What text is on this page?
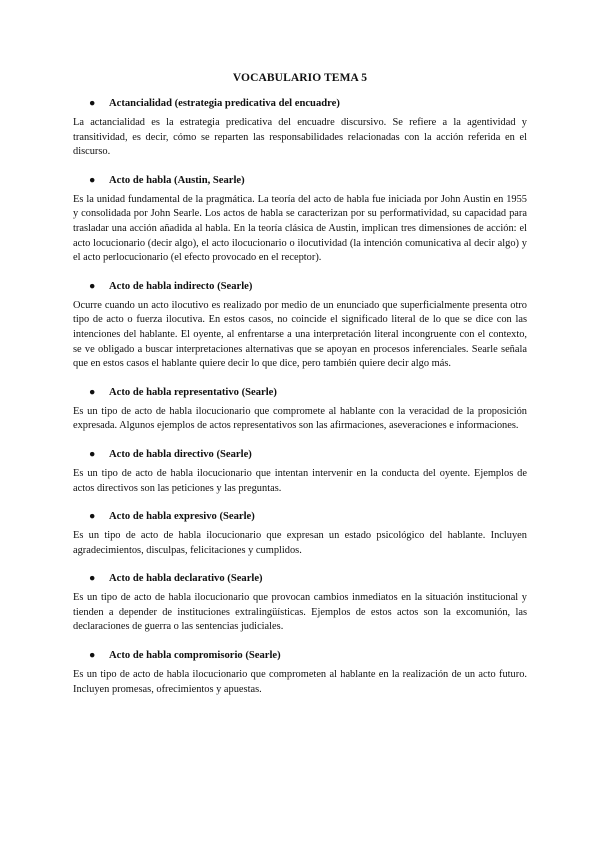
VOCABULARIO TEMA 5
● Actancialidad (estrategia predicativa del encuadre)

La actancialidad es la estrategia predicativa del encuadre discursivo. Se refiere a la agentividad y transitividad, es decir, cómo se reparten las responsabilidades relacionadas con la acción referida en el discurso.

● Acto de habla (Austin, Searle)

Es la unidad fundamental de la pragmática. La teoría del acto de habla fue iniciada por John Austin en 1955 y consolidada por John Searle. Los actos de habla se caracterizan por su performatividad, su capacidad para trasladar una acción añadida al habla. En la teoría clásica de Austin, implican tres dimensiones de acción: el acto locucionario (decir algo), el acto ilocucionario o ilocutividad (la intención comunicativa al decir algo) y el acto perlocucionario (el efecto provocado en el receptor).

● Acto de habla indirecto (Searle)

Ocurre cuando un acto ilocutivo es realizado por medio de un enunciado que superficialmente presenta otro tipo de acto o fuerza ilocutiva. En estos casos, no coincide el significado literal de lo que se dice con las intenciones del hablante. El oyente, al enfrentarse a una interpretación literal incongruente con el contexto, se ve obligado a buscar interpretaciones alternativas que se apoyan en procesos inferenciales. Searle señala que en estos casos el hablante quiere decir lo que dice, pero también quiere decir algo más.

● Acto de habla representativo (Searle)

Es un tipo de acto de habla ilocucionario que compromete al hablante con la veracidad de la proposición expresada. Algunos ejemplos de actos representativos son las afirmaciones, aseveraciones e informaciones.

● Acto de habla directivo (Searle)

Es un tipo de acto de habla ilocucionario que intentan intervenir en la conducta del oyente. Ejemplos de actos directivos son las peticiones y las preguntas.

● Acto de habla expresivo (Searle)

Es un tipo de acto de habla ilocucionario que expresan un estado psicológico del hablante. Incluyen agradecimientos, disculpas, felicitaciones y cumplidos.

● Acto de habla declarativo (Searle)

Es un tipo de acto de habla ilocucionario que provocan cambios inmediatos en la situación institucional y tienden a depender de instituciones extralingüísticas. Ejemplos de estos actos son la excomunión, las declaraciones de guerra o las sentencias judiciales.

● Acto de habla compromisorio (Searle)

Es un tipo de acto de habla ilocucionario que comprometen al hablante en la realización de un acto futuro. Incluyen promesas, ofrecimientos y apuestas.
